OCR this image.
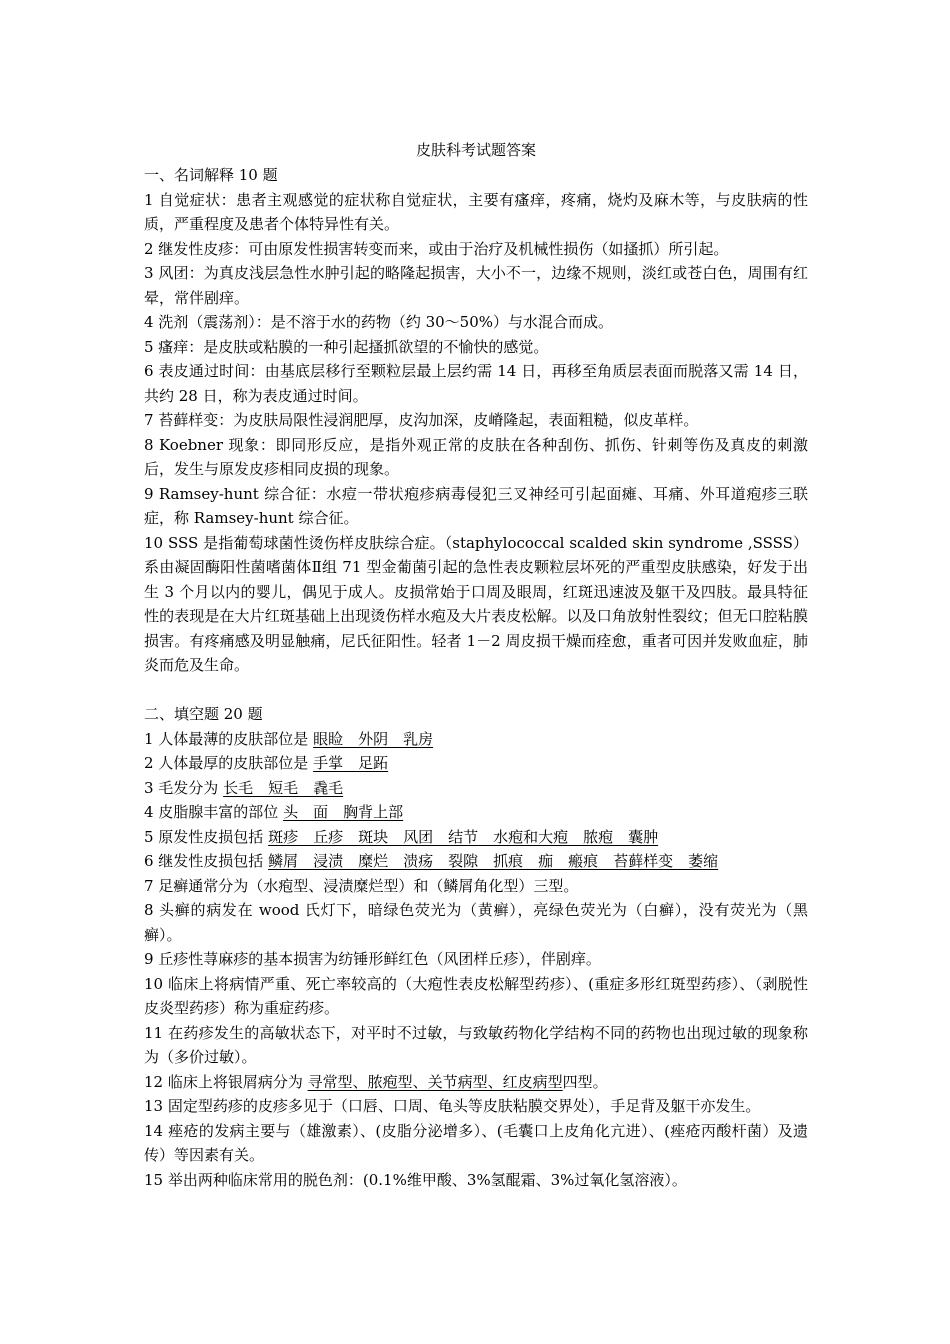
皮肤科考试题答案
一、名词解释 10 题
1 自觉症状：患者主观感觉的症状称自觉症状，主要有瘙痒，疼痛，烧灼及麻木等，与皮肤病的性质，严重程度及患者个体特异性有关。
2 继发性皮疹：可由原发性损害转变而来，或由于治疗及机械性损伤（如搔抓）所引起。
3 风团：为真皮浅层急性水肿引起的略隆起损害，大小不一，边缘不规则，淡红或苍白色，周围有红晕，常伴剧痒。
4 洗剂（震荡剂）：是不溶于水的药物（约 30～50%）与水混合而成。
5 瘙痒：是皮肤或粘膜的一种引起搔抓欲望的不愉快的感觉。
6 表皮通过时间：由基底层移行至颗粒层最上层约需 14 日，再移至角质层表面而脱落又需 14 日，共约 28 日，称为表皮通过时间。
7 苔藓样变：为皮肤局限性浸润肥厚，皮沟加深，皮嵴隆起，表面粗糙，似皮革样。
8 Koebner 现象：即同形反应，是指外观正常的皮肤在各种刮伤、抓伤、针刺等伤及真皮的刺激后，发生与原发皮疹相同皮损的现象。
9 Ramsey-hunt 综合征：水痘一带状疱疹病毒侵犯三叉神经可引起面瘫、耳痛、外耳道疱疹三联症，称 Ramsey-hunt 综合征。
10 SSS 是指葡萄球菌性烫伤样皮肤综合症。（staphylococcal scalded skin syndrome ,SSSS）系由凝固酶阳性菌嗜菌体Ⅱ组 71 型金葡菌引起的急性表皮颗粒层坏死的严重型皮肤感染，好发于出生 3 个月以内的婴儿，偶见于成人。皮损常始于口周及眼周，红斑迅速波及躯干及四肢。最具特征性的表现是在大片红斑基础上出现烫伤样水疱及大片表皮松解。以及口角放射性裂纹；但无口腔粘膜损害。有疼痛感及明显触痛，尼氏征阳性。轻者 1－2 周皮损干燥而痊愈，重者可因并发败血症，肺炎而危及生命。
二、填空题 20 题
1 人体最薄的皮肤部位是 眼睑　外阴　乳房
2 人体最厚的皮肤部位是 手掌　足跖
3 毛发分为 长毛　短毛　毳毛
4 皮脂腺丰富的部位 头　面　胸背上部
5 原发性皮损包括 斑疹　丘疹　斑块　风团　结节　水疱和大疱　脓疱　囊肿
6 继发性皮损包括 鳞屑　浸渍　糜烂　溃疡　裂隙　抓痕　痂　瘢痕　苔藓样变　萎缩
7 足癣通常分为（水疱型、浸渍糜烂型）和（鳞屑角化型）三型。
8 头癣的病发在 wood 氏灯下，暗绿色荧光为（黄癣），亮绿色荧光为（白癣），没有荧光为（黑癣）。
9 丘疹性荨麻疹的基本损害为纺锤形鲜红色（风团样丘疹），伴剧痒。
10 临床上将病情严重、死亡率较高的（大疱性表皮松解型药疹）、(重症多形红斑型药疹）、（剥脱性皮炎型药疹）称为重症药疹。
11 在药疹发生的高敏状态下，对平时不过敏，与致敏药物化学结构不同的药物也出现过敏的现象称为（多价过敏）。
12 临床上将银屑病分为 寻常型、脓疱型、关节病型、红皮病型四型。
13 固定型药疹的皮疹多见于（口唇、口周、龟头等皮肤粘膜交界处），手足背及躯干亦发生。
14 痤疮的发病主要与（雄激素）、(皮脂分泌增多）、(毛囊口上皮角化亢进）、(痤疮丙酸杆菌）及遗传）等因素有关。
15 举出两种临床常用的脱色剂：(0.1%维甲酸、3%氢醌霜、3%过氧化氢溶液）。
